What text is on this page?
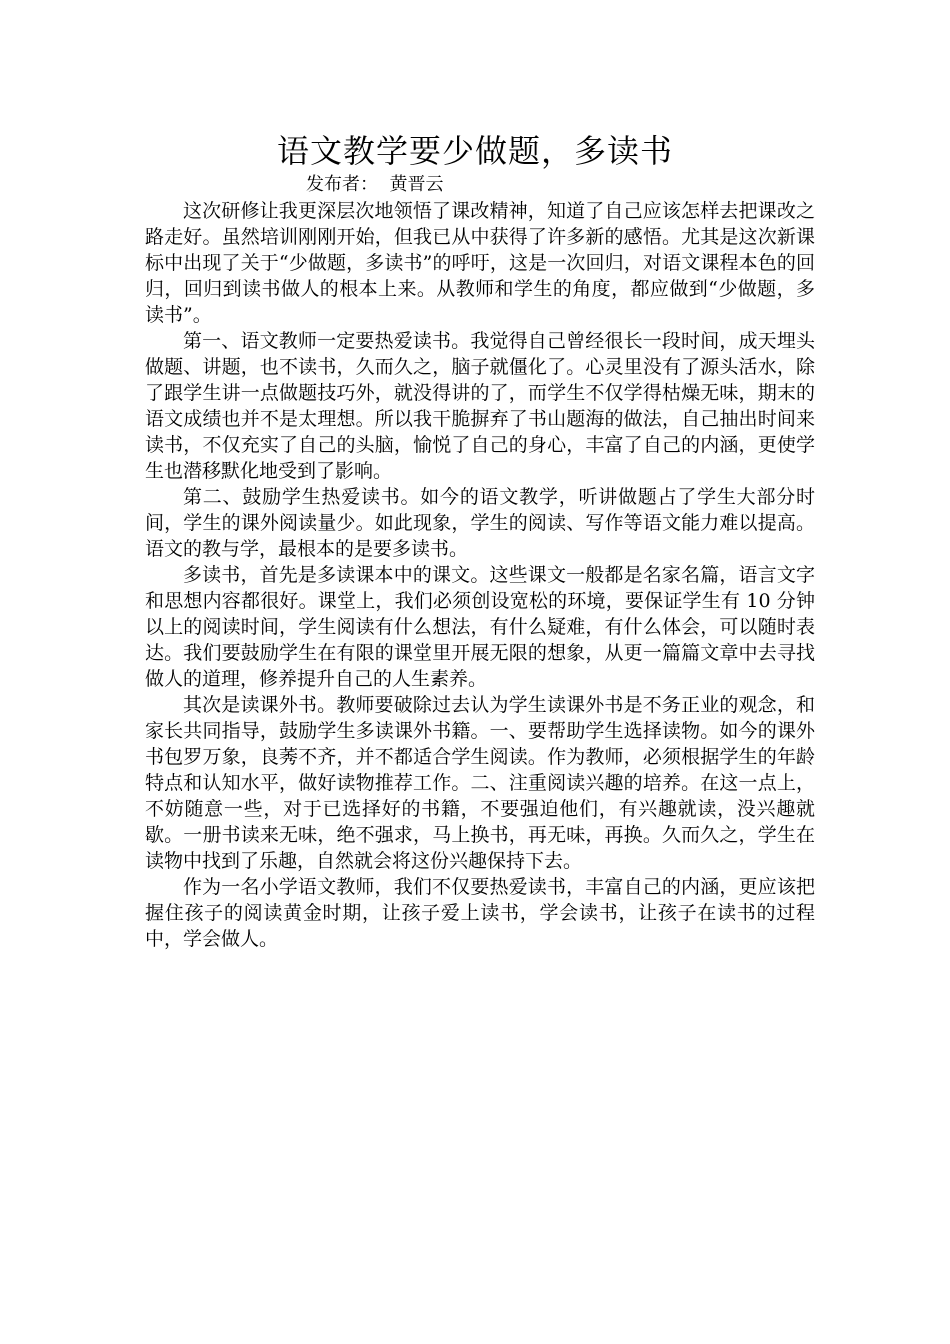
语文教学要少做题，多读书

发布者：  黄晋云

这次研修让我更深层次地领悟了课改精神，知道了自己应该怎样去把课改之路走好。虽然培训刚刚开始，但我已从中获得了许多新的感悟。尤其是这次新课标中出现了关于“少做题，多读书”的呼吁，这是一次回归，对语文课程本色的回归，回归到读书做人的根本上来。从教师和学生的角度，都应做到“少做题，多读书”。

第一、语文教师一定要热爱读书。我觉得自己曾经很长一段时间，成天埋头做题、讲题，也不读书，久而久之，脑子就僵化了。心灵里没有了源头活水，除了跟学生讲一点做题技巧外，就没得讲的了，而学生不仅学得枯燥无味，期末的语文成绩也并不是太理想。所以我干脆摒弃了书山题海的做法，自己抽出时间来读书，不仅充实了自己的头脑，愉悦了自己的身心，丰富了自己的内涵，更使学生也潜移默化地受到了影响。

第二、鼓励学生热爱读书。如今的语文教学，听讲做题占了学生大部分时间，学生的课外阅读量少。如此现象，学生的阅读、写作等语文能力难以提高。语文的教与学，最根本的是要多读书。

多读书，首先是多读课本中的课文。这些课文一般都是名家名篇，语言文字和思想内容都很好。课堂上，我们必须创设宽松的环境，要保证学生有 10 分钟以上的阅读时间，学生阅读有什么想法，有什么疑难，有什么体会，可以随时表达。我们要鼓励学生在有限的课堂里开展无限的想象，从更一篇篇文章中去寻找做人的道理，修养提升自己的人生素养。

其次是读课外书。教师要破除过去认为学生读课外书是不务正业的观念，和家长共同指导，鼓励学生多读课外书籍。一、要帮助学生选择读物。如今的课外书包罗万象，良莠不齐，并不都适合学生阅读。作为教师，必须根据学生的年龄特点和认知水平，做好读物推荐工作。二、注重阅读兴趣的培养。在这一点上，不妨随意一些，对于已选择好的书籍，不要强迫他们，有兴趣就读，没兴趣就歇。一册书读来无味，绝不强求，马上换书，再无味，再换。久而久之，学生在读物中找到了乐趣，自然就会将这份兴趣保持下去。

作为一名小学语文教师，我们不仅要热爱读书，丰富自己的内涵，更应该把握住孩子的阅读黄金时期，让孩子爱上读书，学会读书，让孩子在读书的过程中，学会做人。
